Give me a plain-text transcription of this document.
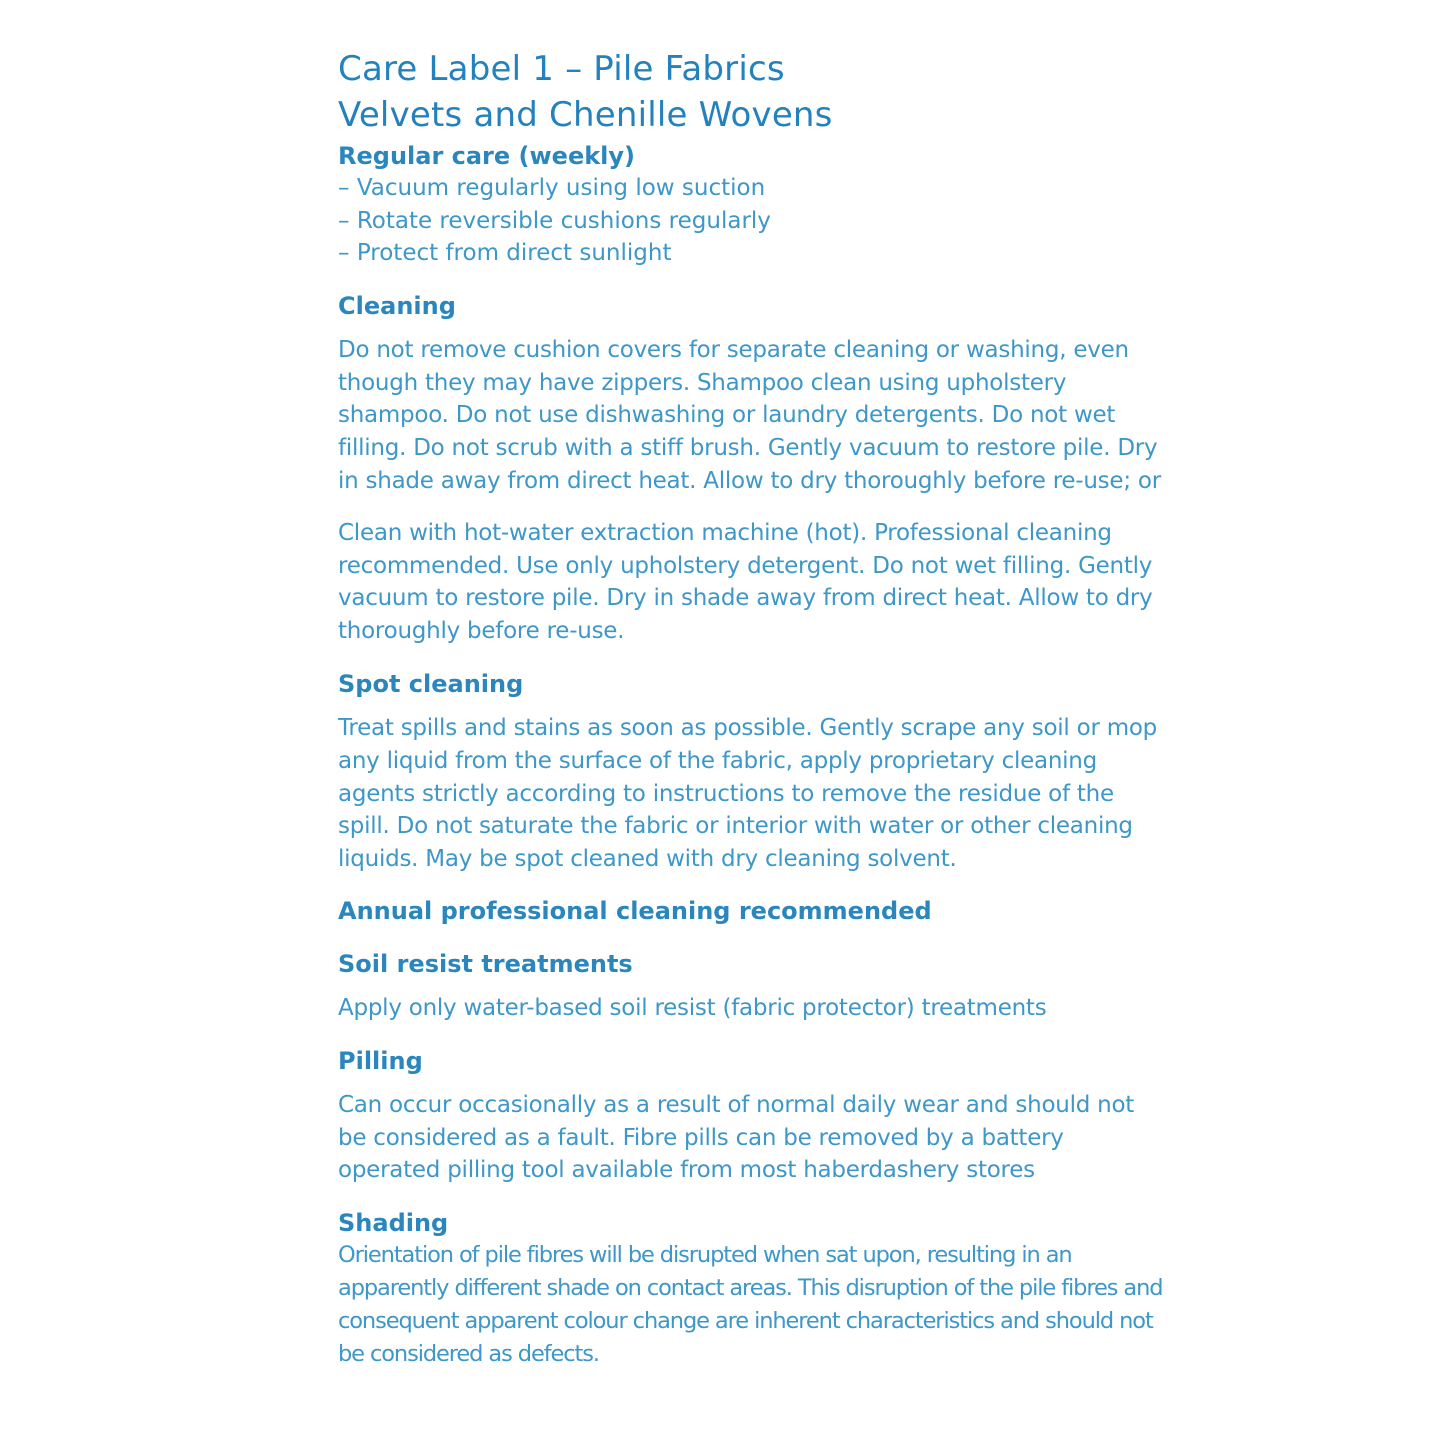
Care Label 1 – Pile Fabrics
Velvets and Chenille Wovens
Regular care (weekly)
– Vacuum regularly using low suction
– Rotate reversible cushions regularly
– Protect from direct sunlight
Cleaning

Do not remove cushion covers for separate cleaning or washing, even though they may have zippers. Shampoo clean using upholstery shampoo. Do not use dishwashing or laundry detergents. Do not wet filling. Do not scrub with a stiff brush. Gently vacuum to restore pile. Dry in shade away from direct heat. Allow to dry thoroughly before re-use; or

Clean with hot-water extraction machine (hot). Professional cleaning recommended. Use only upholstery detergent. Do not wet filling. Gently vacuum to restore pile. Dry in shade away from direct heat. Allow to dry thoroughly before re-use.

Spot cleaning

Treat spills and stains as soon as possible. Gently scrape any soil or mop any liquid from the surface of the fabric, apply proprietary cleaning agents strictly according to instructions to remove the residue of the spill. Do not saturate the fabric or interior with water or other cleaning liquids. May be spot cleaned with dry cleaning solvent.

Annual professional cleaning recommended
Soil resist treatments

Apply only water-based soil resist (fabric protector) treatments

Pilling

Can occur occasionally as a result of normal daily wear and should not be considered as a fault. Fibre pills can be removed by a battery operated pilling tool available from most haberdashery stores

Shading

Orientation of pile fibres will be disrupted when sat upon, resulting in an apparently different shade on contact areas. This disruption of the pile fibres and consequent apparent colour change are inherent characteristics and should not be considered as defects.
